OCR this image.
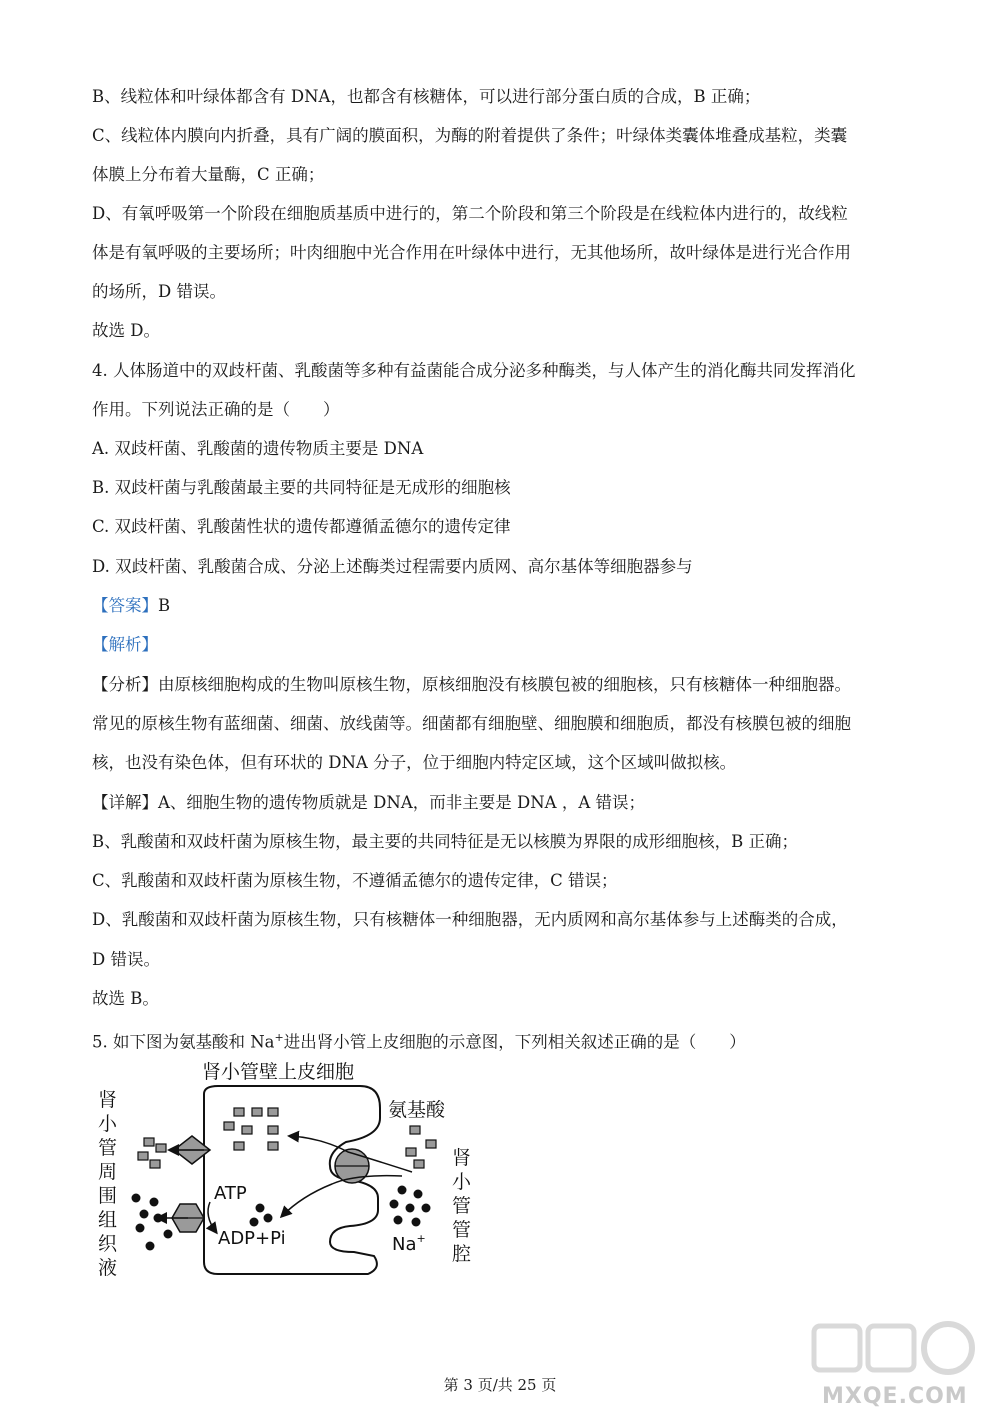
B、线粒体和叶绿体都含有 DNA，也都含有核糖体，可以进行部分蛋白质的合成，B 正确；
C、线粒体内膜向内折叠，具有广阔的膜面积，为酶的附着提供了条件；叶绿体类囊体堆叠成基粒，类囊
体膜上分布着大量酶，C 正确；
D、有氧呼吸第一个阶段在细胞质基质中进行的，第二个阶段和第三个阶段是在线粒体内进行的，故线粒
体是有氧呼吸的主要场所；叶肉细胞中光合作用在叶绿体中进行，无其他场所，故叶绿体是进行光合作用
的场所，D 错误。
故选 D。
4. 人体肠道中的双歧杆菌、乳酸菌等多种有益菌能合成分泌多种酶类，与人体产生的消化酶共同发挥消化
作用。下列说法正确的是（　　）
A. 双歧杆菌、乳酸菌的遗传物质主要是 DNA
B. 双歧杆菌与乳酸菌最主要的共同特征是无成形的细胞核
C. 双歧杆菌、乳酸菌性状的遗传都遵循孟德尔的遗传定律
D. 双歧杆菌、乳酸菌合成、分泌上述酶类过程需要内质网、高尔基体等细胞器参与
【答案】B
【解析】
【分析】由原核细胞构成的生物叫原核生物，原核细胞没有核膜包被的细胞核，只有核糖体一种细胞器。
常见的原核生物有蓝细菌、细菌、放线菌等。细菌都有细胞壁、细胞膜和细胞质，都没有核膜包被的细胞
核，也没有染色体，但有环状的 DNA 分子，位于细胞内特定区域，这个区域叫做拟核。
【详解】A、细胞生物的遗传物质就是 DNA，而非主要是 DNA ，A 错误；
B、乳酸菌和双歧杆菌为原核生物，最主要的共同特征是无以核膜为界限的成形细胞核，B 正确；
C、乳酸菌和双歧杆菌为原核生物，不遵循孟德尔的遗传定律，C 错误；
D、乳酸菌和双歧杆菌为原核生物，只有核糖体一种细胞器，无内质网和高尔基体参与上述酶类的合成，
D 错误。
故选 B。
5. 如下图为氨基酸和 Na+进出肾小管上皮细胞的示意图，下列相关叙述正确的是（　　）
肾小管壁上皮细胞
肾
小
管
周
围
组
织
液
肾
小
管
管
腔
氨基酸
ATP
ADP+Pi	Na+
第 3 页/共 25 页	MXQE.COM
